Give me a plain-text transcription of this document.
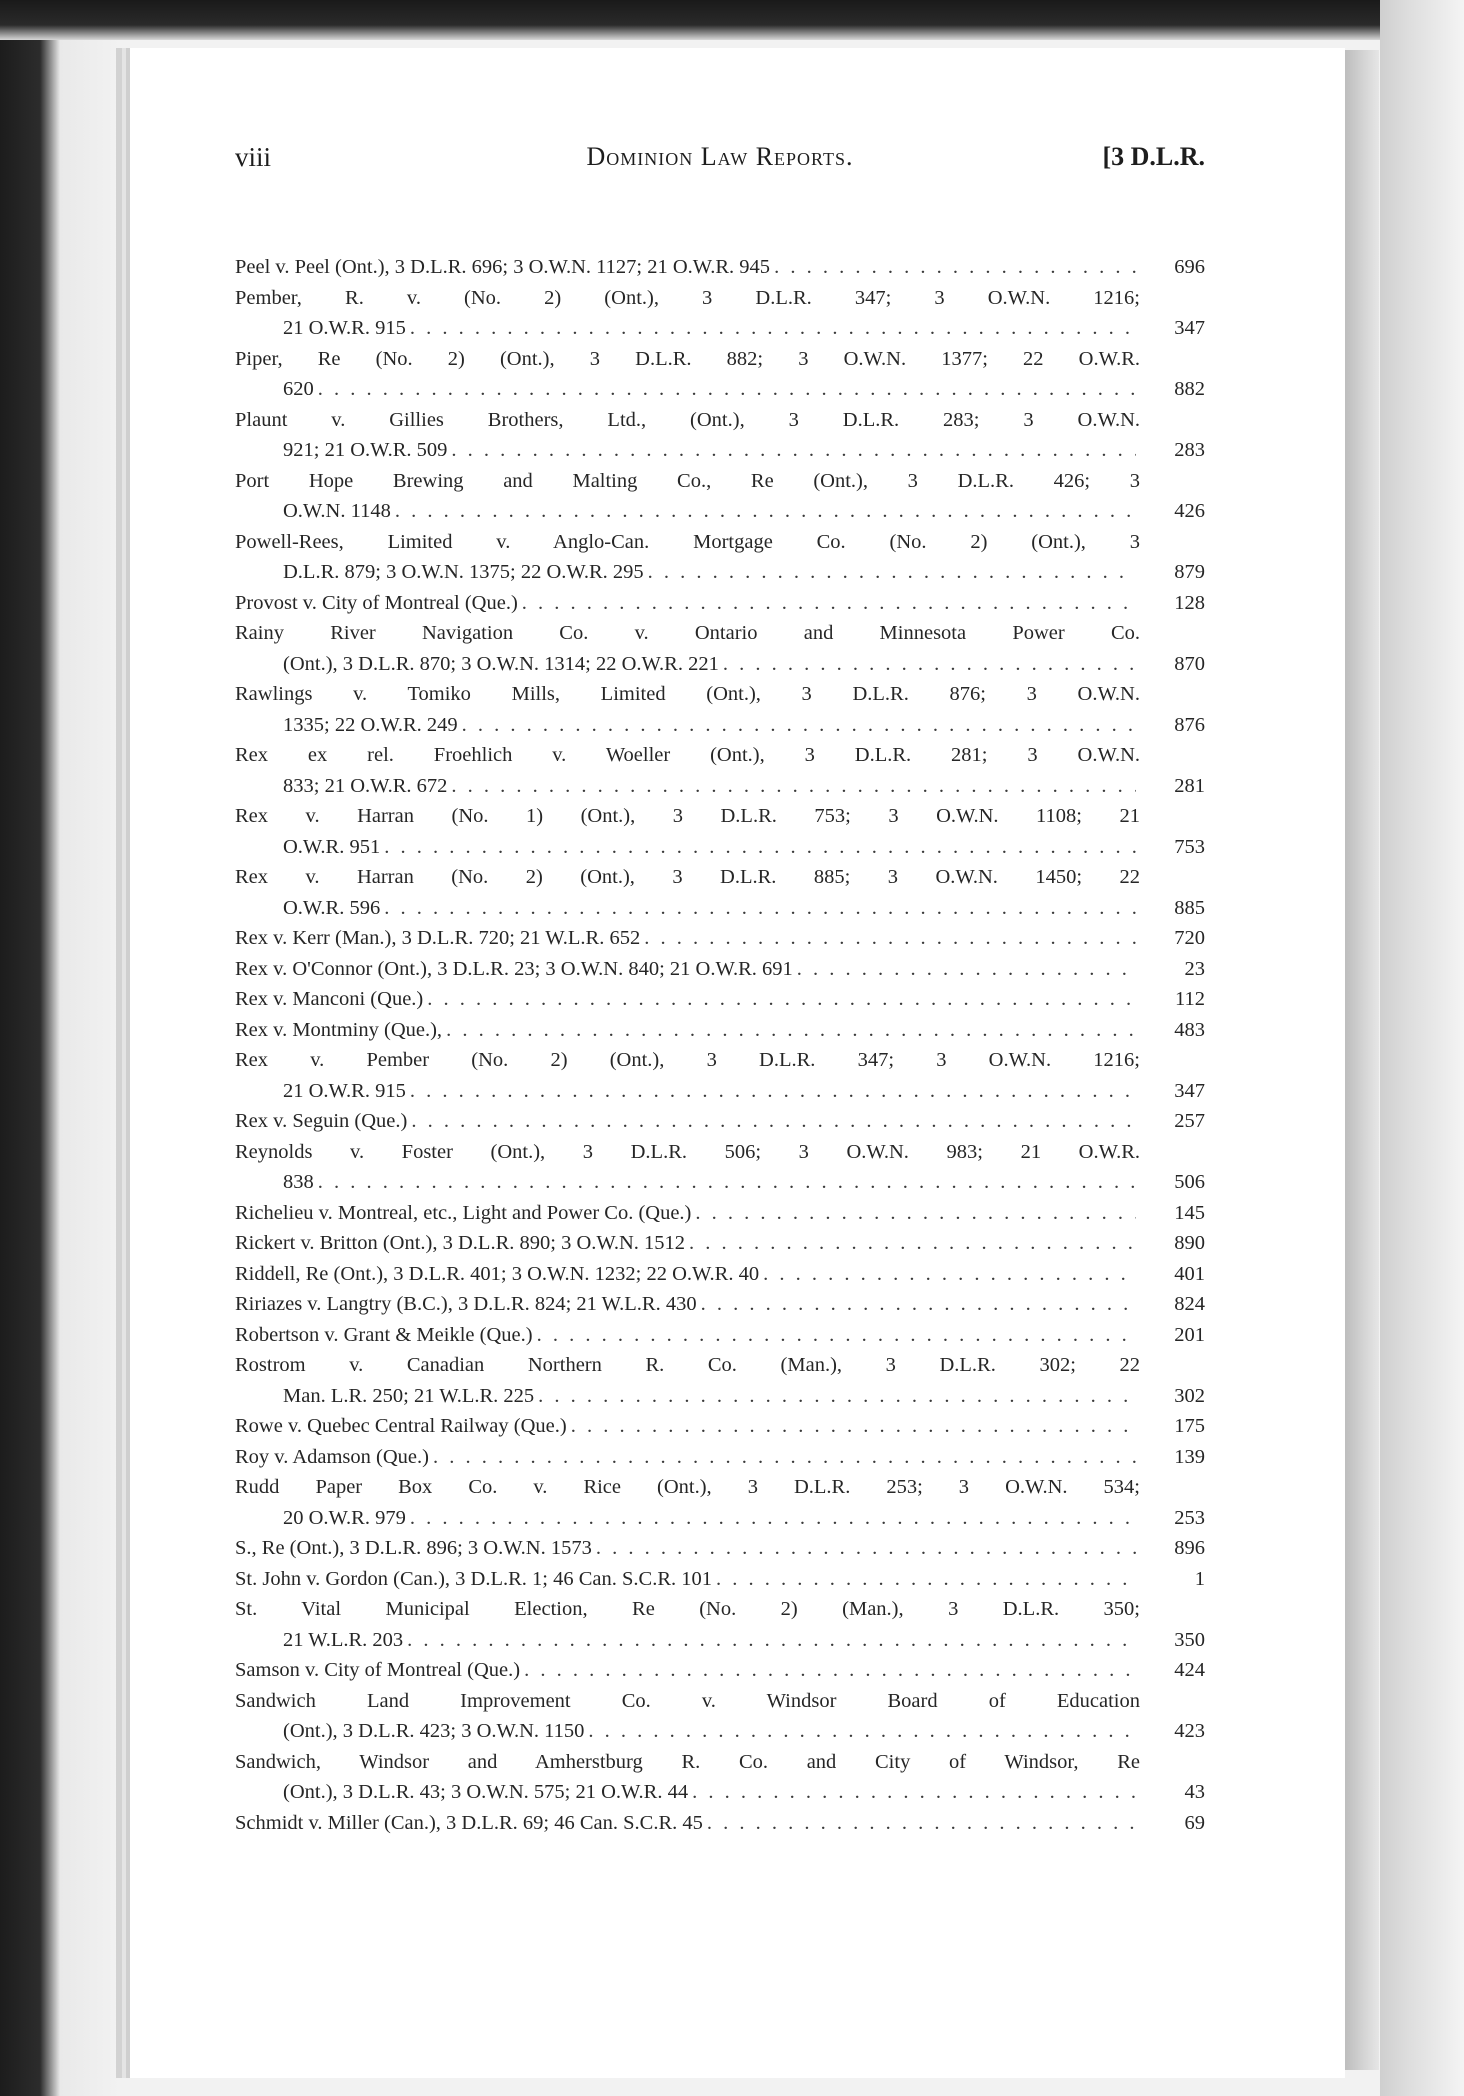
viii	Dominion Law Reports.	[3 D.L.R.
Peel v. Peel (Ont.), 3 D.L.R. 696; 3 O.W.N. 1127; 21 O.W.R. 945 . . .	696
Pember, R. v. (No. 2) (Ont.), 3 D.L.R. 347; 3 O.W.N. 1216;
21 O.W.R. 915 . . .	347
Piper, Re (No. 2) (Ont.), 3 D.L.R. 882; 3 O.W.N. 1377; 22 O.W.R.
620 . . .	882
Plaunt v. Gillies Brothers, Ltd., (Ont.), 3 D.L.R. 283; 3 O.W.N.
921; 21 O.W.R. 509 . . .	283
Port Hope Brewing and Malting Co., Re (Ont.), 3 D.L.R. 426; 3
O.W.N. 1148 . . .	426
Powell-Rees, Limited v. Anglo-Can. Mortgage Co. (No. 2) (Ont.), 3
D.L.R. 879; 3 O.W.N. 1375; 22 O.W.R. 295 . . .	879
Provost v. City of Montreal (Que.) . . .	128
Rainy River Navigation Co. v. Ontario and Minnesota Power Co.
(Ont.), 3 D.L.R. 870; 3 O.W.N. 1314; 22 O.W.R. 221 . . .	870
Rawlings v. Tomiko Mills, Limited (Ont.), 3 D.L.R. 876; 3 O.W.N.
1335; 22 O.W.R. 249 . . .	876
Rex ex rel. Froehlich v. Woeller (Ont.), 3 D.L.R. 281; 3 O.W.N.
833; 21 O.W.R. 672 . . .	281
Rex v. Harran (No. 1) (Ont.), 3 D.L.R. 753; 3 O.W.N. 1108; 21
O.W.R. 951 . . .	753
Rex v. Harran (No. 2) (Ont.), 3 D.L.R. 885; 3 O.W.N. 1450; 22
O.W.R. 596 . . .	885
Rex v. Kerr (Man.), 3 D.L.R. 720; 21 W.L.R. 652 . . .	720
Rex v. O'Connor (Ont.), 3 D.L.R. 23; 3 O.W.N. 840; 21 O.W.R. 691 . . .	23
Rex v. Manconi (Que.) . . .	112
Rex v. Montminy (Que.), . . .	483
Rex v. Pember (No. 2) (Ont.), 3 D.L.R. 347; 3 O.W.N. 1216;
21 O.W.R. 915 . . .	347
Rex v. Seguin (Que.) . . .	257
Reynolds v. Foster (Ont.), 3 D.L.R. 506; 3 O.W.N. 983; 21 O.W.R.
838 . . .	506
Richelieu v. Montreal, etc., Light and Power Co. (Que.) . . .	145
Rickert v. Britton (Ont.), 3 D.L.R. 890; 3 O.W.N. 1512 . . .	890
Riddell, Re (Ont.), 3 D.L.R. 401; 3 O.W.N. 1232; 22 O.W.R. 40 . . .	401
Ririazes v. Langtry (B.C.), 3 D.L.R. 824; 21 W.L.R. 430 . . .	824
Robertson v. Grant & Meikle (Que.) . . .	201
Rostrom v. Canadian Northern R. Co. (Man.), 3 D.L.R. 302; 22
Man. L.R. 250; 21 W.L.R. 225 . . .	302
Rowe v. Quebec Central Railway (Que.) . . .	175
Roy v. Adamson (Que.) . . .	139
Rudd Paper Box Co. v. Rice (Ont.), 3 D.L.R. 253; 3 O.W.N. 534;
20 O.W.R. 979 . . .	253
S., Re (Ont.), 3 D.L.R. 896; 3 O.W.N. 1573 . . .	896
St. John v. Gordon (Can.), 3 D.L.R. 1; 46 Can. S.C.R. 101 . . .	1
St. Vital Municipal Election, Re (No. 2) (Man.), 3 D.L.R. 350;
21 W.L.R. 203 . . .	350
Samson v. City of Montreal (Que.) . . .	424
Sandwich Land Improvement Co. v. Windsor Board of Education
(Ont.), 3 D.L.R. 423; 3 O.W.N. 1150 . . .	423
Sandwich, Windsor and Amherstburg R. Co. and City of Windsor, Re
(Ont.), 3 D.L.R. 43; 3 O.W.N. 575; 21 O.W.R. 44 . . .	43
Schmidt v. Miller (Can.), 3 D.L.R. 69; 46 Can. S.C.R. 45 . . .	69
